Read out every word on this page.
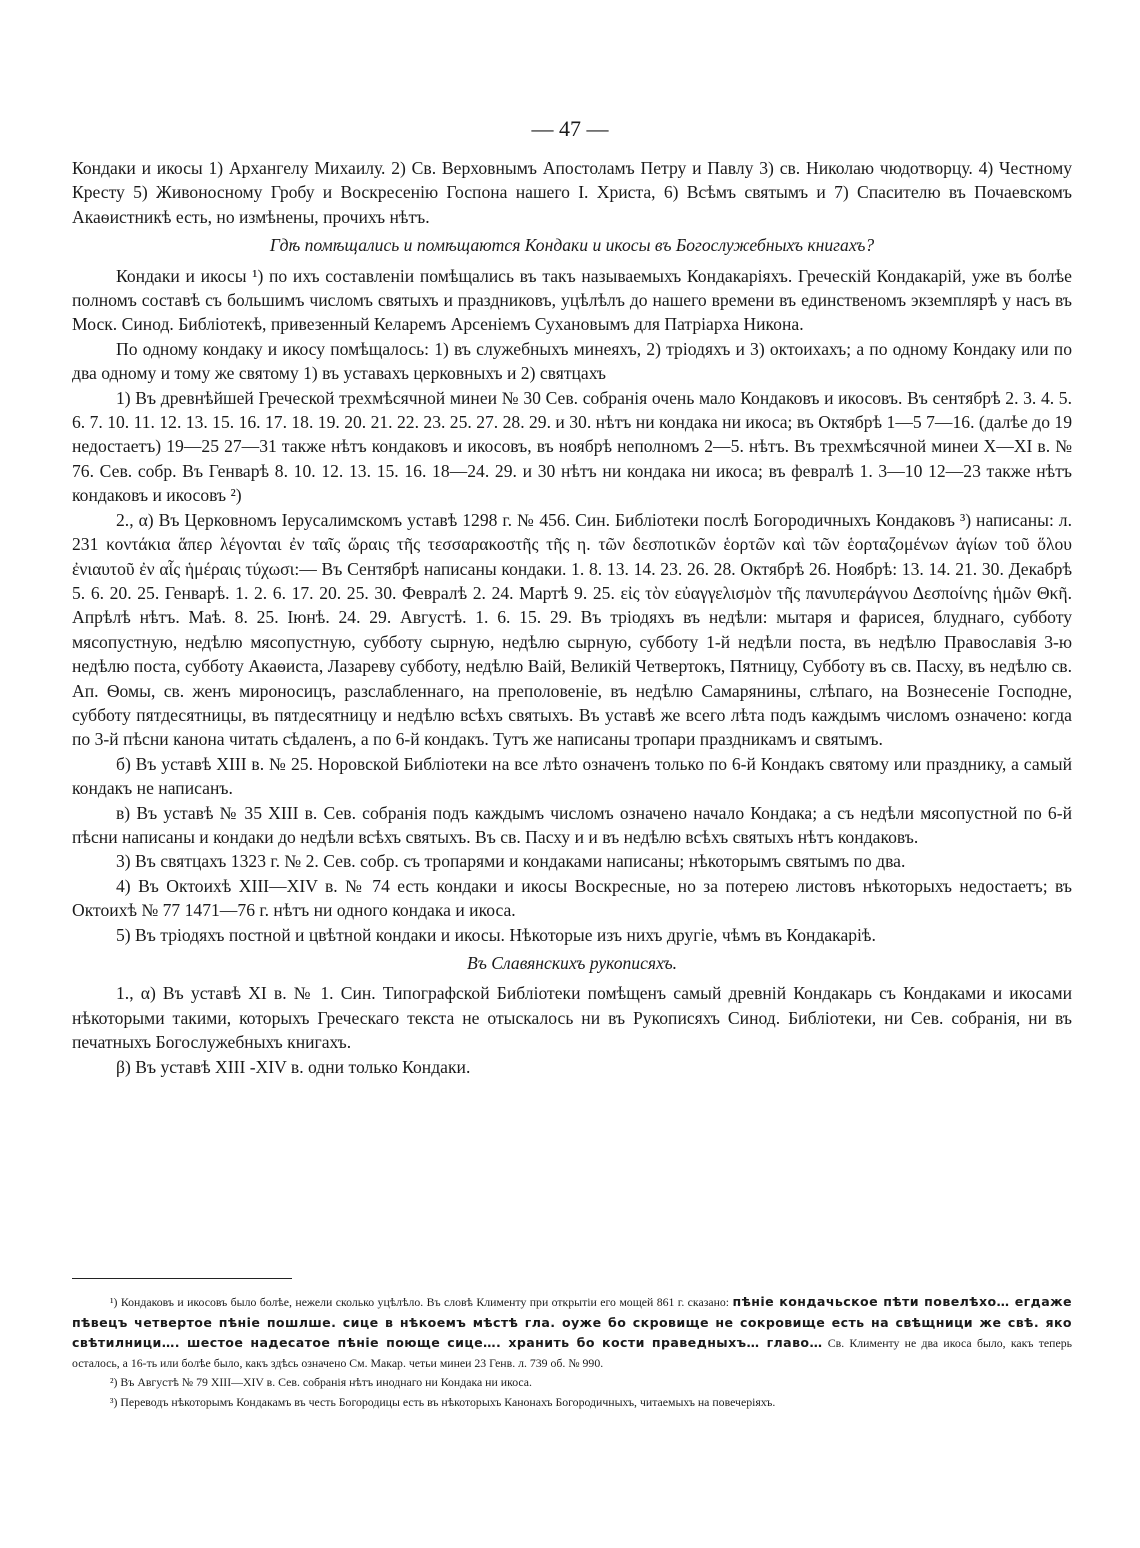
— 47 —

Кондаки и икосы 1) Архангелу Михаилу. 2) Св. Верховнымъ Апостоламъ Петру и Павлу 3) св. Николаю чюдотворцу. 4) Честному Кресту 5) Живоносному Гробу и Воскресенію Госпона нашего І. Христа, 6) Всѣмъ святымъ и 7) Спасителю въ Почаевскомъ Акаѳистникѣ есть, но измѣнены, прочихъ нѣтъ.

Гдѣ помѣщались и помѣщаются Кондаки и икосы въ Богослужебныхъ книгахъ?

Кондаки и икосы ¹) по ихъ составленіи помѣщались въ такъ называемыхъ Кондакаріяхъ. Греческій Кондакарій, уже въ болѣе полномъ составѣ съ большимъ числомъ святыхъ и праздниковъ, уцѣлѣлъ до нашего времени въ единственомъ экземплярѣ у насъ въ Моск. Синод. Библіотекѣ, привезенный Келаремъ Арсеніемъ Сухановымъ для Патріарха Никона.

По одному кондаку и икосу помѣщалось: 1) въ служебныхъ минеяхъ, 2) тріодяхъ и 3) октоихахъ; а по одному Кондаку или по два одному и тому же святому 1) въ уставахъ церковныхъ и 2) святцахъ

1) Въ древнѣйшей Греческой трехмѣсячной минеи № 30 Сев. собранія очень мало Кондаковъ и икосовъ. Въ сентябрѣ 2. 3. 4. 5. 6. 7. 10. 11. 12. 13. 15. 16. 17. 18. 19. 20. 21. 22. 23. 25. 27. 28. 29. и 30. нѣтъ ни кондака ни икоса; въ Октябрѣ 1—5 7—16. (далѣе до 19 недостаетъ) 19—25 27—31 также нѣтъ кондаковъ и икосовъ, въ ноябрѣ неполномъ 2—5. нѣтъ. Въ трехмѣсячной минеи X—XI в. № 76. Сев. собр. Въ Генварѣ 8. 10. 12. 13. 15. 16. 18—24. 29. и 30 нѣтъ ни кондака ни икоса; въ февралѣ 1. 3—10 12—23 также нѣтъ кондаковъ и икосовъ ²)

2., α) Въ Церковномъ Іерусалимскомъ уставѣ 1298 г. № 456. Син. Библіотеки послѣ Богородичныхъ Кондаковъ ³) написаны: л. 231 κοντάκια ἅπερ λέγονται ἐν ταῖς ὥραις τῆς τεσσαρακοστῆς τῆς η. τῶν δεσποτικῶν ἑορτῶν καὶ τῶν ἑορταζομένων ἁγίων τοῦ ὅλου ἐνιαυτοῦ ἐν αἷς ἡμέραις τύχωσι:— Въ Сентябрѣ написаны кондаки. 1. 8. 13. 14. 23. 26. 28. Октябрѣ 26. Ноябрѣ: 13. 14. 21. 30. Декабрѣ 5. 6. 20. 25. Генварѣ. 1. 2. 6. 17. 20. 25. 30. Февралѣ 2. 24. Мартѣ 9. 25. εἰς τὸν εὐαγγελισμὸν τῆς πανυπεράγνου Δεσποίνης ἡμῶν Θκῆ. Апрѣлѣ нѣтъ. Маѣ. 8. 25. Іюнѣ. 24. 29. Августѣ. 1. 6. 15. 29. Въ тріодяхъ въ недѣли: мытаря и фарисея, блуднаго, субботу мясопустную, недѣлю мясопустную, субботу сырную, недѣлю сырную, субботу 1-й недѣли поста, въ недѣлю Православія 3-ю недѣлю поста, субботу Акаѳиста, Лазареву субботу, недѣлю Ваій, Великій Четвертокъ, Пятницу, Субботу въ св. Пасху, въ недѣлю св. Ап. Ѳомы, св. женъ мироносицъ, разслабленнаго, на преполовеніе, въ недѣлю Самарянины, слѣпаго, на Вознесеніе Господне, субботу пятдесятницы, въ пятдесятницу и недѣлю всѣхъ святыхъ. Въ уставѣ же всего лѣта подъ каждымъ числомъ означено: когда по 3-й пѣсни канона читать сѣдаленъ, а по 6-й кондакъ. Тутъ же написаны тропари праздникамъ и святымъ.

б) Въ уставѣ XIII в. № 25. Норовской Библіотеки на все лѣто означенъ только по 6-й Кондакъ святому или празднику, а самый кондакъ не написанъ.

в) Въ уставѣ № 35 XIII в. Сев. собранія подъ каждымъ числомъ означено начало Кондака; а съ недѣли мясопустной по 6-й пѣсни написаны и кондаки до недѣли всѣхъ святыхъ. Въ св. Пасху и и въ недѣлю всѣхъ святыхъ нѣтъ кондаковъ.

3) Въ святцахъ 1323 г. № 2. Сев. собр. съ тропарями и кондаками написаны; нѣкоторымъ святымъ по два.

4) Въ Октоихѣ XIII—XIV в. № 74 есть кондаки и икосы Воскресные, но за потерею листовъ нѣкоторыхъ недостаетъ; въ Октоихѣ № 77 1471—76 г. нѣтъ ни одного кондака и икоса.

5) Въ тріодяхъ постной и цвѣтной кондаки и икосы. Нѣкоторые изъ нихъ другіе, чѣмъ въ Кондакаріѣ.

Въ Славянскихъ рукописяхъ.

1., α) Въ уставѣ XI в. № 1. Син. Типографской Библіотеки помѣщенъ самый древній Кондакарь съ Кондаками и икосами нѣкоторыми такими, которыхъ Греческаго текста не отыскалось ни въ Рукописяхъ Синод. Библіотеки, ни Сев. собранія, ни въ печатныхъ Богослужебныхъ книгахъ.

β) Въ уставѣ XIII -XIV в. одни только Кондаки.

¹) Кондаковъ и икосовъ было болѣе, нежели сколько уцѣлѣло. Въ словѣ Клименту при открытіи его мощей 861 г. сказано: пѣніе кондачьское пѣти повелѣхо… егдаже пѣвецъ четвертое пѣніе пошлше. сице в нѣкоемъ мѣстѣ гла. оуже бо скровище не сокровище есть на свѣщници же свѣ. яко свѣтилници…. шестое надесатое пѣніе поюще сице…. хранить бо кости праведныхъ… главо… Св. Клименту не два икоса было, какъ теперь осталось, а 16-ть или болѣе было, какъ здѣсь означено См. Макар. четьи минеи 23 Генв. л. 739 об. № 990.

²) Въ Августѣ № 79 XIII—XIV в. Сев. собранія нѣтъ иноднаго ни Кондака ни икоса.

³) Переводъ нѣкоторымъ Кондакамъ въ честь Богородицы есть въ нѣкоторыхъ Канонахъ Богородичныхъ, читаемыхъ на повечеріяхъ.
